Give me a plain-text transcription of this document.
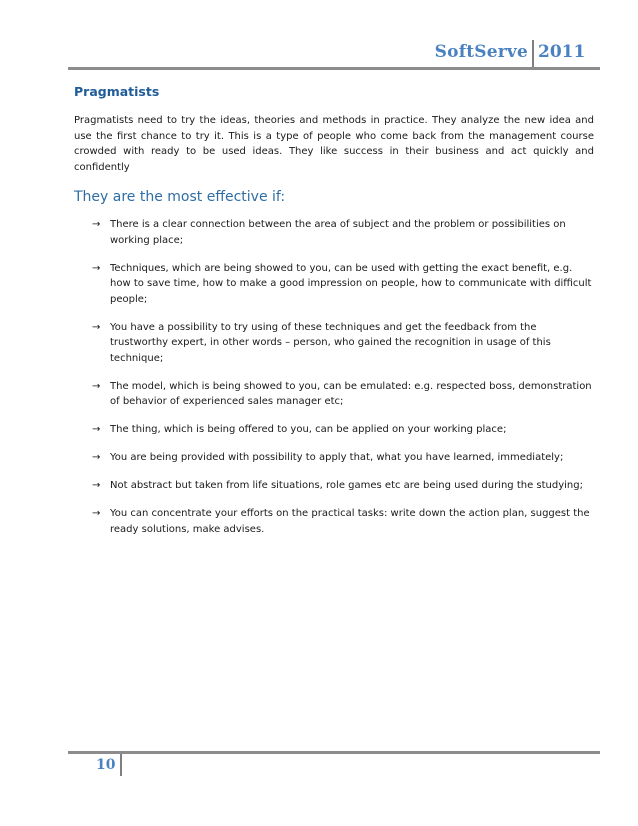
SoftServe 2011
Pragmatists

Pragmatists need to try the ideas, theories and methods in practice. They analyze the new idea and use the first chance to try it. This is a type of people who come back from the management course crowded with ready to be used ideas. They like success in their business and act quickly and confidently

They are the most effective if:
→ There is a clear connection between the area of subject and the problem or possibilities on working place;
→ Techniques, which are being showed to you, can be used with getting the exact benefit, e.g. how to save time, how to make a good impression on people, how to communicate with difficult people;
→ You have a possibility to try using of these techniques and get the feedback from the trustworthy expert, in other words – person, who gained the recognition in usage of this technique;
→ The model, which is being showed to you, can be emulated: e.g. respected boss, demonstration of behavior of experienced sales manager etc;
→ The thing, which is being offered to you, can be applied on your working place;
→ You are being provided with possibility to apply that, what you have learned, immediately;
→ Not abstract but taken from life situations, role games etc are being used during the studying;
→ You can concentrate your efforts on the practical tasks: write down the action plan, suggest the ready solutions, make advises.
10
